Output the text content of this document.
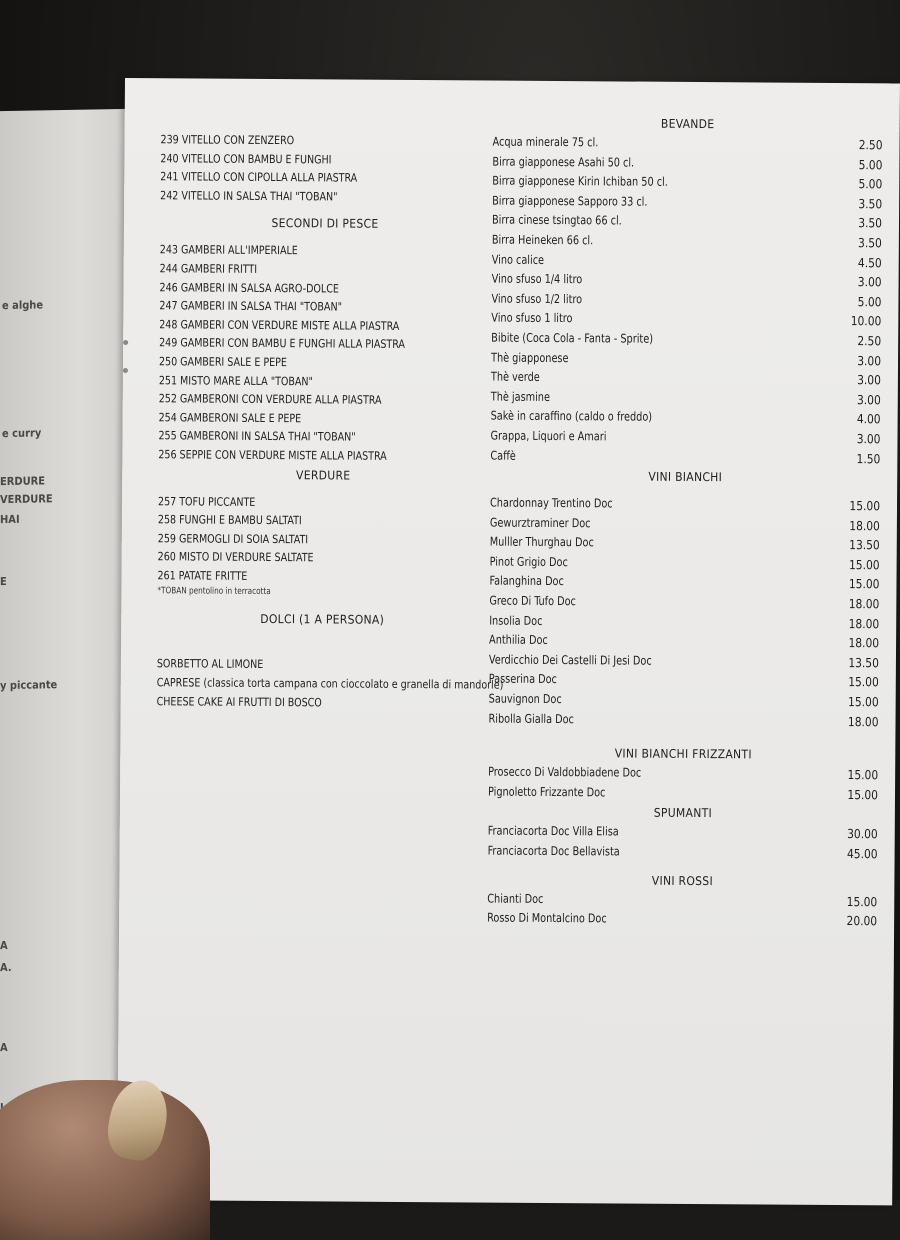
e alghe
e curry
ERDURE
VERDURE
HAI
E
y piccante
A
A.
A
239 VITELLO CON ZENZERO
240 VITELLO CON BAMBU E FUNGHI
241 VITELLO CON CIPOLLA ALLA PIASTRA
242 VITELLO IN SALSA THAI "TOBAN"
SECONDI DI PESCE
243 GAMBERI ALL'IMPERIALE
244 GAMBERI FRITTI
246 GAMBERI IN SALSA AGRO-DOLCE
247 GAMBERI IN SALSA THAI "TOBAN"
248 GAMBERI CON VERDURE MISTE ALLA PIASTRA
249 GAMBERI CON BAMBU E FUNGHI ALLA PIASTRA
250 GAMBERI SALE E PEPE
251 MISTO MARE ALLA "TOBAN"
252 GAMBERONI CON VERDURE ALLA PIASTRA
254 GAMBERONI SALE E PEPE
255 GAMBERONI IN SALSA THAI "TOBAN"
256 SEPPIE CON VERDURE MISTE ALLA PIASTRA
VERDURE
257 TOFU PICCANTE
258 FUNGHI E BAMBU SALTATI
259 GERMOGLI DI SOIA SALTATI
260 MISTO DI VERDURE SALTATE
261 PATATE FRITTE
*TOBAN pentolino in terracotta
DOLCI (1 A PERSONA)
SORBETTO AL LIMONE
CAPRESE (classica torta campana con cioccolato e granella di mandorle)
CHEESE CAKE AI FRUTTI DI BOSCO
BEVANDE
Acqua minerale 75 cl.	2.50
Birra giapponese Asahi 50 cl.	5.00
Birra giapponese Kirin Ichiban 50 cl.	5.00
Birra giapponese Sapporo 33 cl.	3.50
Birra cinese tsingtao 66 cl.	3.50
Birra Heineken 66 cl.	3.50
Vino calice	4.50
Vino sfuso 1/4 litro	3.00
Vino sfuso 1/2 litro	5.00
Vino sfuso 1 litro	10.00
Bibite (Coca Cola - Fanta - Sprite)	2.50
Thè giapponese	3.00
Thè verde	3.00
Thè jasmine	3.00
Sakè in caraffino (caldo o freddo)	4.00
Grappa, Liquori e Amari	3.00
Caffè	1.50
VINI BIANCHI
Chardonnay Trentino Doc	15.00
Gewurztraminer Doc	18.00
Mulller Thurghau Doc	13.50
Pinot Grigio Doc	15.00
Falanghina Doc	15.00
Greco Di Tufo Doc	18.00
Insolia Doc	18.00
Anthilia Doc	18.00
Verdicchio Dei Castelli Di Jesi Doc	13.50
Passerina Doc	15.00
Sauvignon Doc	15.00
Ribolla Gialla Doc	18.00
VINI BIANCHI FRIZZANTI
Prosecco Di Valdobbiadene Doc	15.00
Pignoletto Frizzante Doc	15.00
SPUMANTI
Franciacorta Doc Villa Elisa	30.00
Franciacorta Doc Bellavista	45.00
VINI ROSSI
Chianti Doc	15.00
Rosso Di Montalcino Doc	20.00
